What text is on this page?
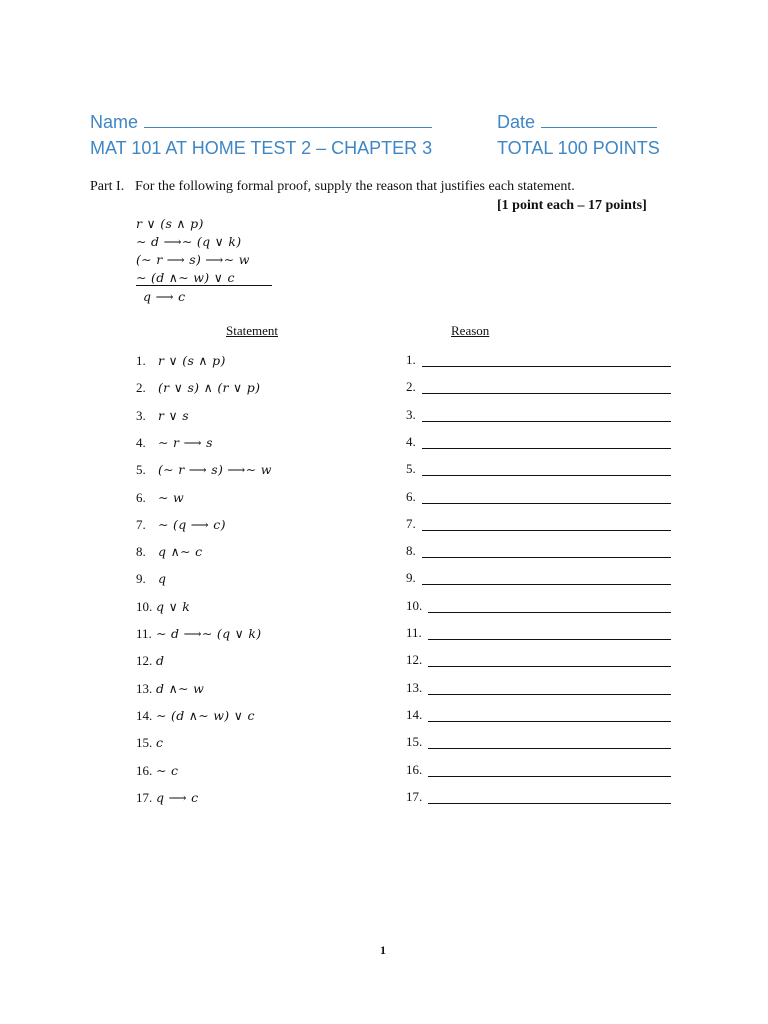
Name	Date
MAT 101 AT HOME TEST 2 – CHAPTER 3	TOTAL 100 POINTS
Part I. For the following formal proof, supply the reason that justifies each statement.
[1 point each – 17 points]
r ∨ (s ∧ p)
∼ d ⟶∼ (q ∨ k)
(∼ r ⟶ s) ⟶∼ w
∼ (d ∧∼ w) ∨ c
q ⟶ c
Statement	Reason
1. r ∨ (s ∧ p)	1.
2. (r ∨ s) ∧ (r ∨ p)	2.
3. r ∨ s	3.
4. ∼ r ⟶ s	4.
5. (∼ r ⟶ s) ⟶∼ w	5.
6. ∼ w	6.
7. ∼ (q ⟶ c)	7.
8. q ∧∼ c	8.
9. q	9.
10. q ∨ k	10.
11. ∼ d ⟶∼ (q ∨ k)	11.
12. d	12.
13. d ∧∼ w	13.
14. ∼ (d ∧∼ w) ∨ c	14.
15. c	15.
16. ∼ c	16.
17. q ⟶ c	17.
1
